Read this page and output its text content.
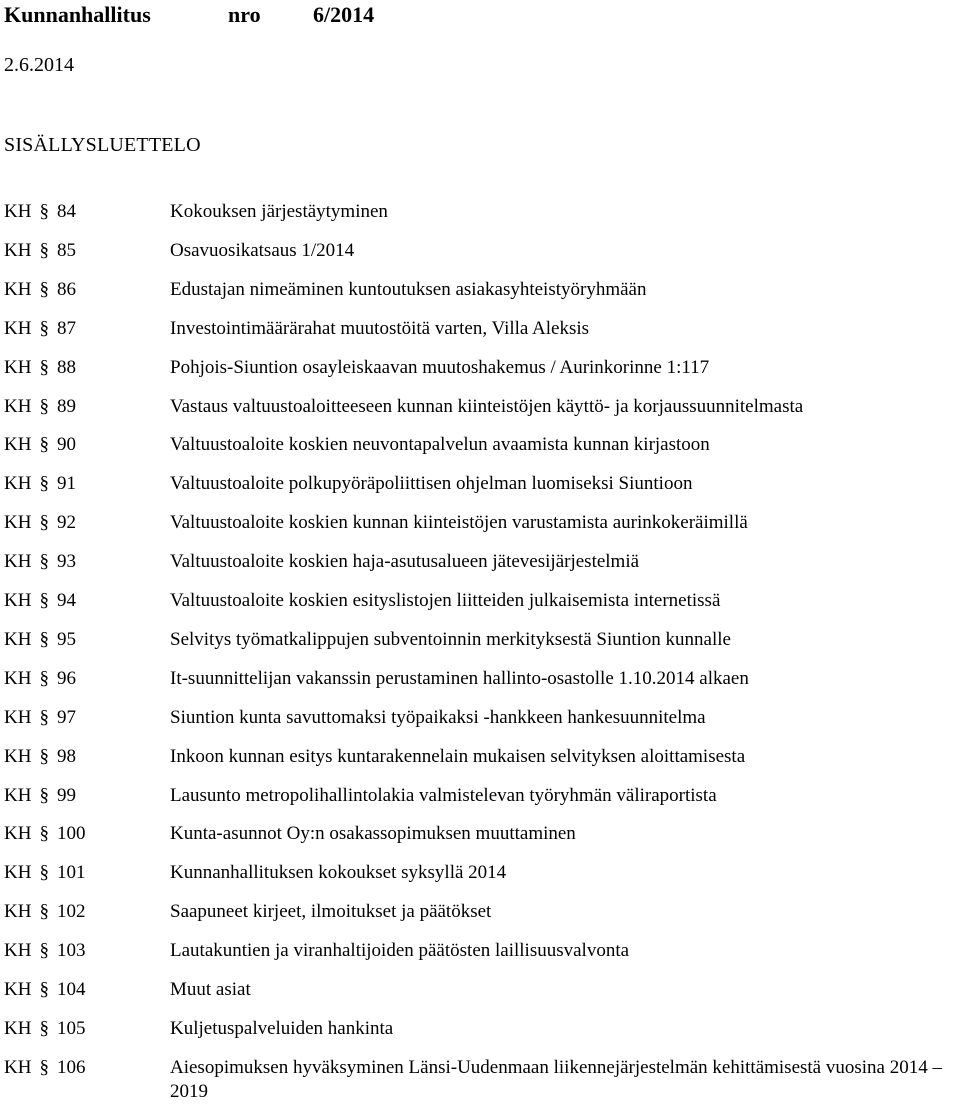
Kunnanhallitus	nro 6/2014
2.6.2014
SISÄLLYSLUETTELO
KH § 84	Kokouksen järjestäytyminen
KH § 85	Osavuosikatsaus 1/2014
KH § 86	Edustajan nimeäminen kuntoutuksen asiakasyhteistyöryhmään
KH § 87	Investointimäärärahat muutostöitä varten, Villa Aleksis
KH § 88	Pohjois-Siuntion osayleiskaavan muutoshakemus / Aurinkorinne 1:117
KH § 89	Vastaus valtuustoaloitteeseen kunnan kiinteistöjen käyttö- ja korjaussuunnitelmasta
KH § 90	Valtuustoaloite koskien neuvontapalvelun avaamista kunnan kirjastoon
KH § 91	Valtuustoaloite polkupyöräpoliittisen ohjelman luomiseksi Siuntioon
KH § 92	Valtuustoaloite koskien kunnan kiinteistöjen varustamista aurinkokeräimillä
KH § 93	Valtuustoaloite koskien haja-asutusalueen jätevesijärjestelmiä
KH § 94	Valtuustoaloite koskien esityslistojen liitteiden julkaisemista internetissä
KH § 95	Selvitys työmatkalippujen subventoinnin merkityksestä Siuntion kunnalle
KH § 96	It-suunnittelijan vakanssin perustaminen hallinto-osastolle 1.10.2014 alkaen
KH § 97	Siuntion kunta savuttomaksi työpaikaksi -hankkeen hankesuunnitelma
KH § 98	Inkoon kunnan esitys kuntarakennelain mukaisen selvityksen aloittamisesta
KH § 99	Lausunto metropolihallintolakia valmistelevan työryhmän väliraportista
KH § 100	Kunta-asunnot Oy:n osakassopimuksen muuttaminen
KH § 101	Kunnanhallituksen kokoukset syksyllä 2014
KH § 102	Saapuneet kirjeet, ilmoitukset ja päätökset
KH § 103	Lautakuntien ja viranhaltijoiden päätösten laillisuusvalvonta
KH § 104	Muut asiat
KH § 105	Kuljetuspalveluiden hankinta
KH § 106	Aiesopimuksen hyväksyminen Länsi-Uudenmaan liikennejärjestelmän kehittämisestä vuosina 2014 – 2019
